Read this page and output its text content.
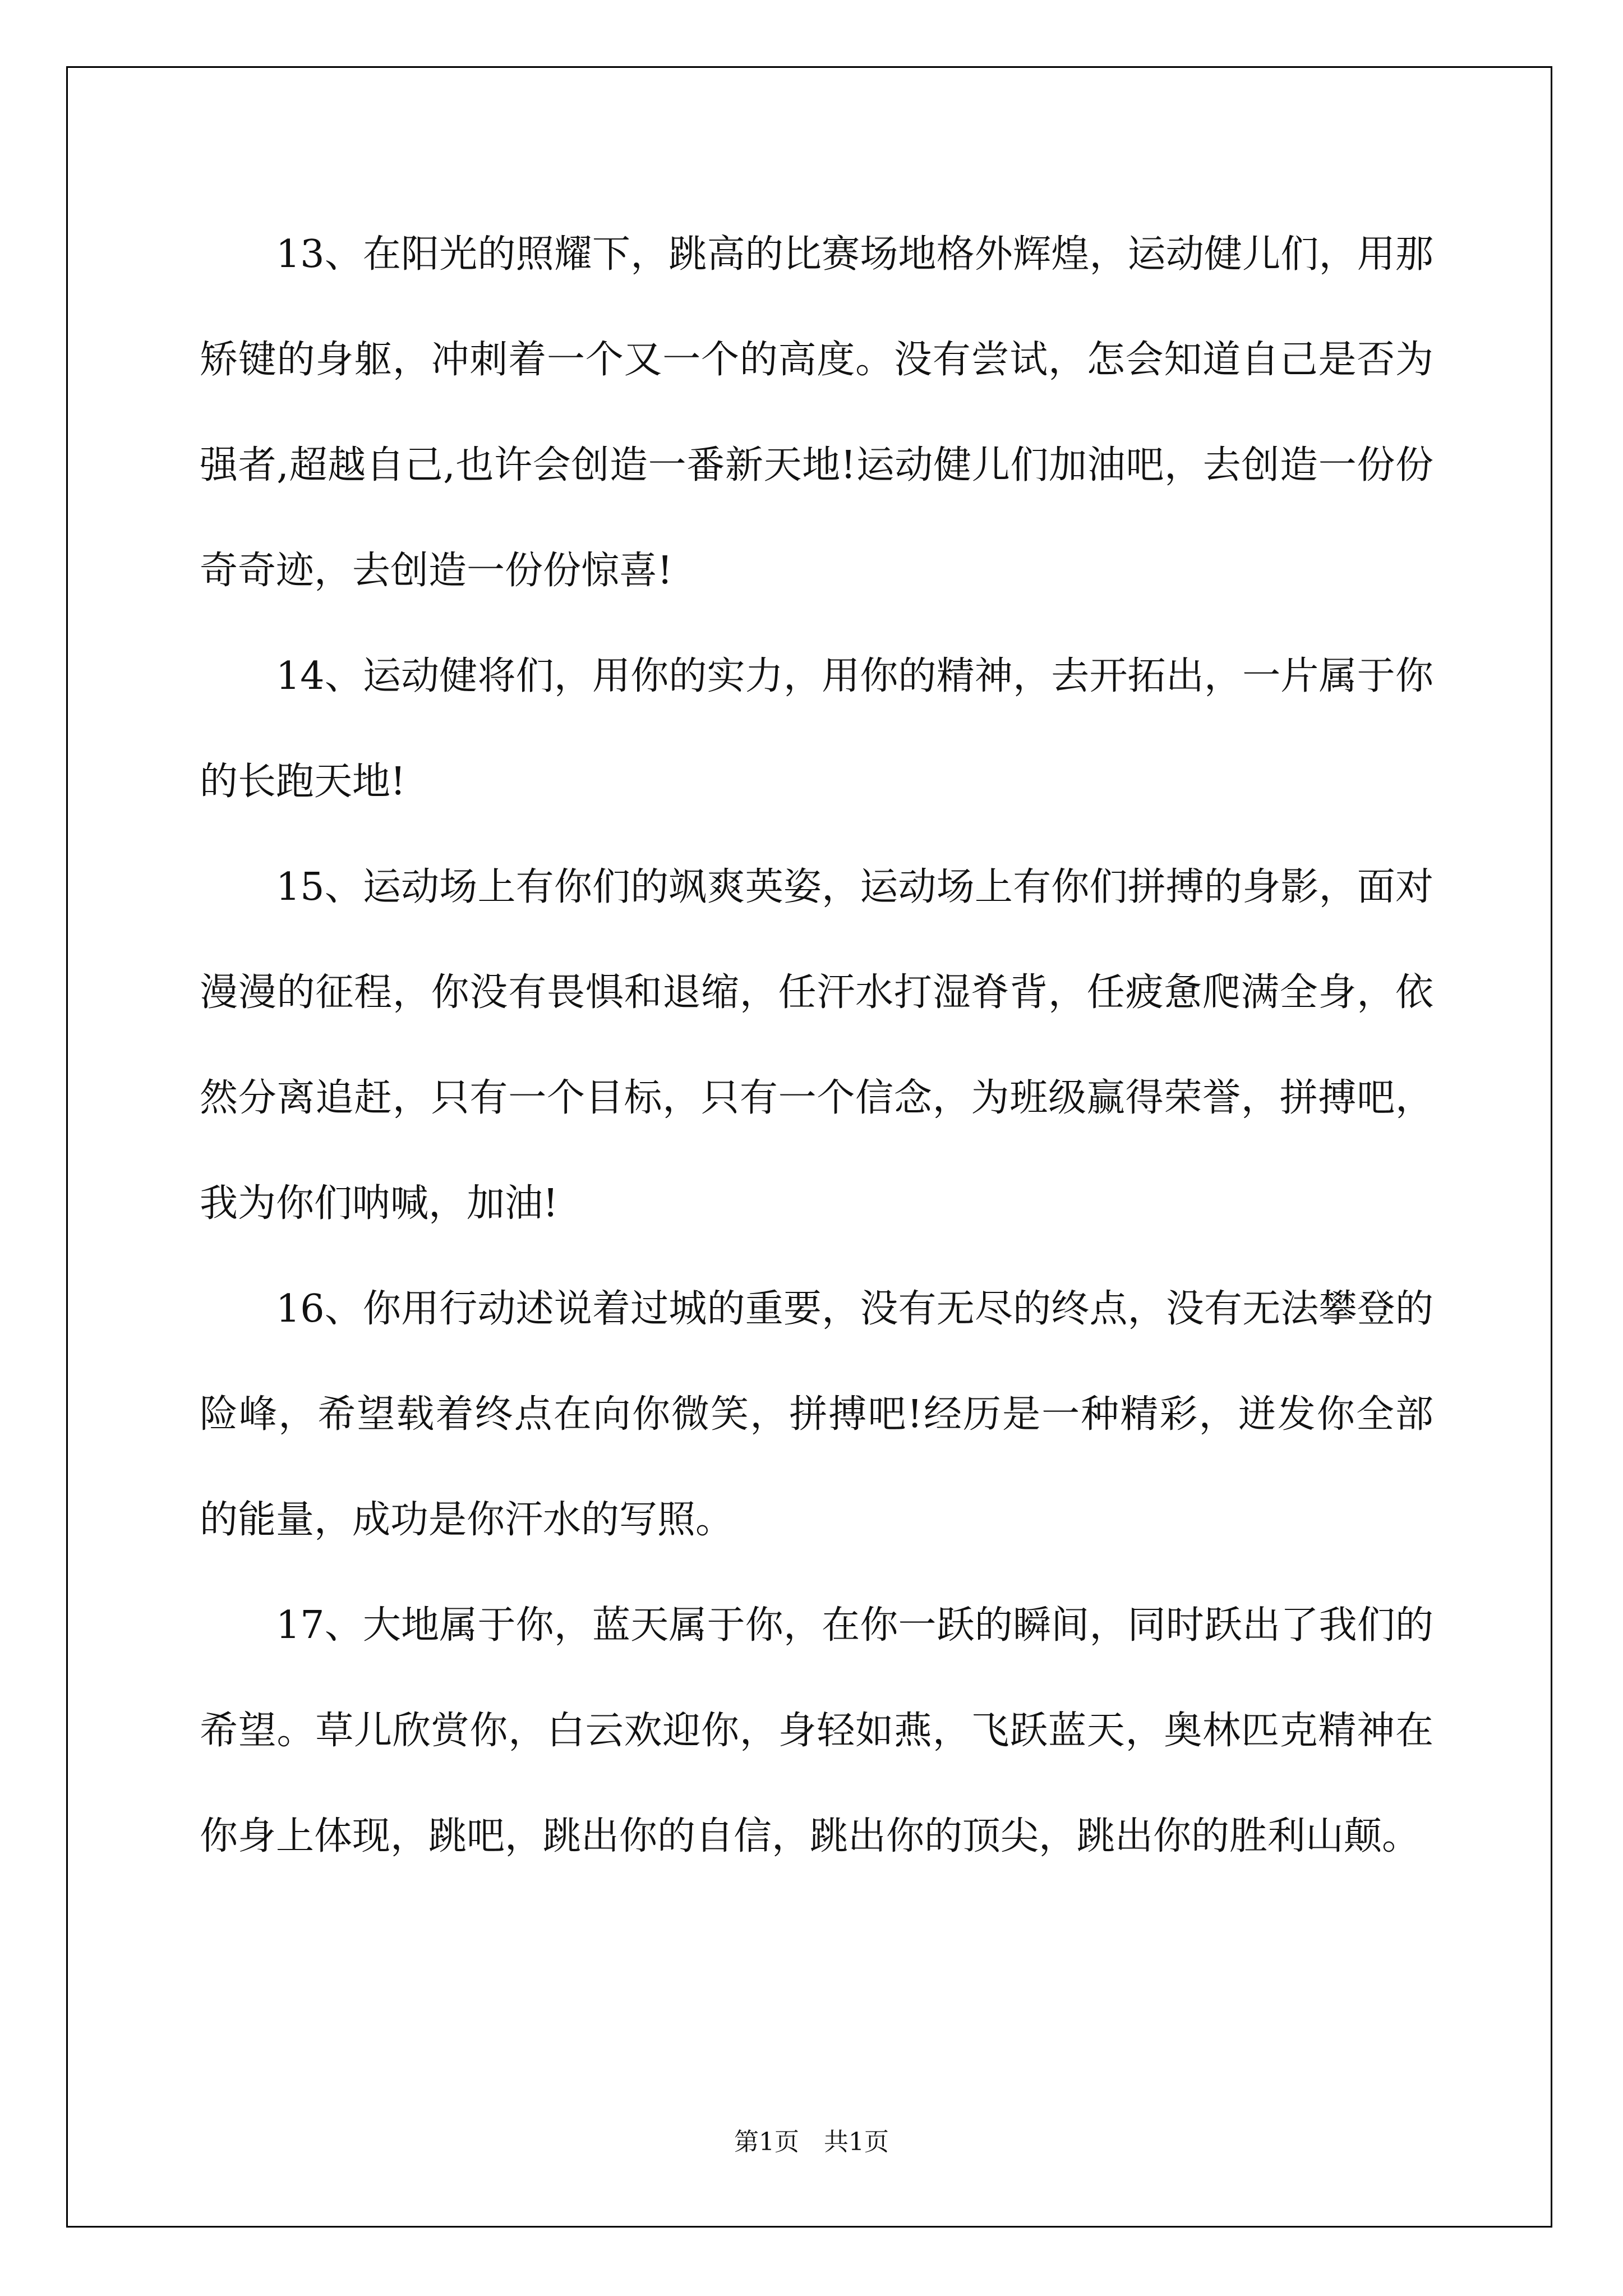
13、在阳光的照耀下，跳高的比赛场地格外辉煌，运动健儿们，用那矫键的身躯，冲刺着一个又一个的高度。没有尝试，怎会知道自己是否为强者,超越自己,也许会创造一番新天地!运动健儿们加油吧，去创造一份份奇奇迹，去创造一份份惊喜!

14、运动健将们，用你的实力，用你的精神，去开拓出，一片属于你的长跑天地!

15、运动场上有你们的飒爽英姿，运动场上有你们拼搏的身影，面对漫漫的征程，你没有畏惧和退缩，任汗水打湿脊背，任疲惫爬满全身，依然分离追赶，只有一个目标，只有一个信念，为班级赢得荣誉，拼搏吧，我为你们呐喊，加油!

16、你用行动述说着过城的重要，没有无尽的终点，没有无法攀登的险峰，希望载着终点在向你微笑，拼搏吧!经历是一种精彩，迸发你全部的能量，成功是你汗水的写照。

17、大地属于你，蓝天属于你，在你一跃的瞬间，同时跃出了我们的希望。草儿欣赏你，白云欢迎你，身轻如燕，飞跃蓝天，奥林匹克精神在你身上体现，跳吧，跳出你的自信，跳出你的顶尖，跳出你的胜利山颠。

第1页　共1页
